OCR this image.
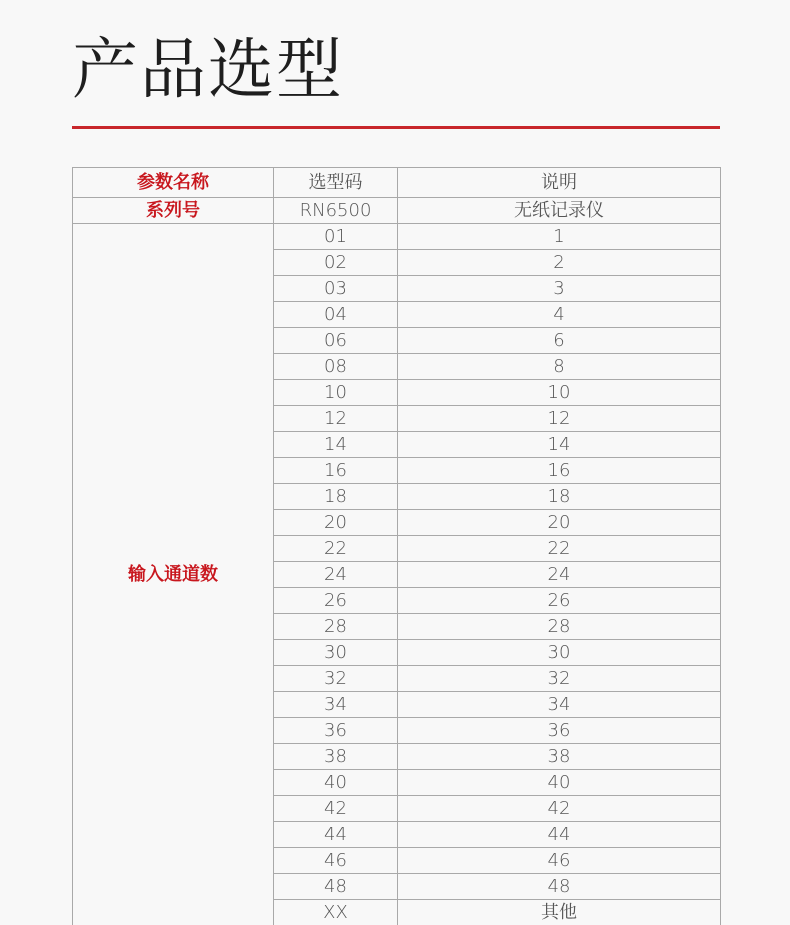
产品选型
参数名称	选型码	说明
系列号	RN6500	无纸记录仪
输入通道数	01	1
	02	2
	03	3
	04	4
	06	6
	08	8
	10	10
	12	12
	14	14
	16	16
	18	18
	20	20
	22	22
	24	24
	26	26
	28	28
	30	30
	32	32
	34	34
	36	36
	38	38
	40	40
	42	42
	44	44
	46	46
	48	48
	XX	其他
